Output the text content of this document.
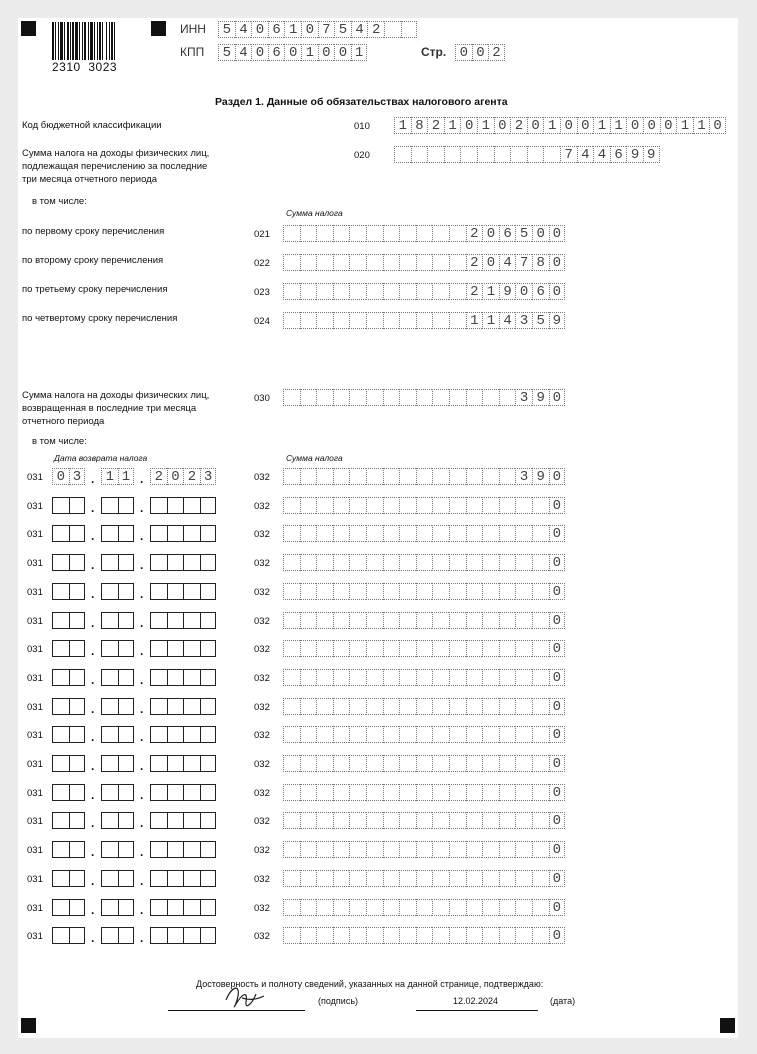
2310  3023
ИНН	5 4 0 6 1 0 7 5 4 2
КПП	5 4 0 6 0 1 0 0 1	Стр. 0 0 2
Раздел 1. Данные об обязательствах налогового агента
Код бюджетной классификации	010	1 8 2 1 0 1 0 2 0 1 0 0 1 1 0 0 0 1 1 0
Сумма налога на доходы физических лиц,
подлежащая перечислению за последние
три месяца отчетного периода
020	7 4 4 6 9 9
в том числе:
Сумма налога
по первому сроку перечисления	021	2 0 6 5 0 0
по второму сроку перечисления	022	2 0 4 7 8 0
по третьему сроку перечисления	023	2 1 9 0 6 0
по четвертому сроку перечисления	024	1 1 4 3 5 9
Сумма налога на доходы физических лиц,
возвращенная в последние три месяца
отчетного периода
030	3 9 0
в том числе:
Дата возврата налога	Сумма налога
031 0 3 . 1 1 . 2 0 2 3	032	3 9 0
031	.	.	032	0
031	.	.	032	0
031	.	.	032	0
031	.	.	032	0
031	.	.	032	0
031	.	.	032	0
031	.	.	032	0
031	.	.	032	0
031	.	.	032	0
031	.	.	032	0
031	.	.	032	0
031	.	.	032	0
031	.	.	032	0
031	.	.	032	0
031	.	.	032	0
031	.	.	032	0
Достоверность и полноту сведений, указанных на данной странице, подтверждаю:
(подпись)	12.02.2024	(дата)
